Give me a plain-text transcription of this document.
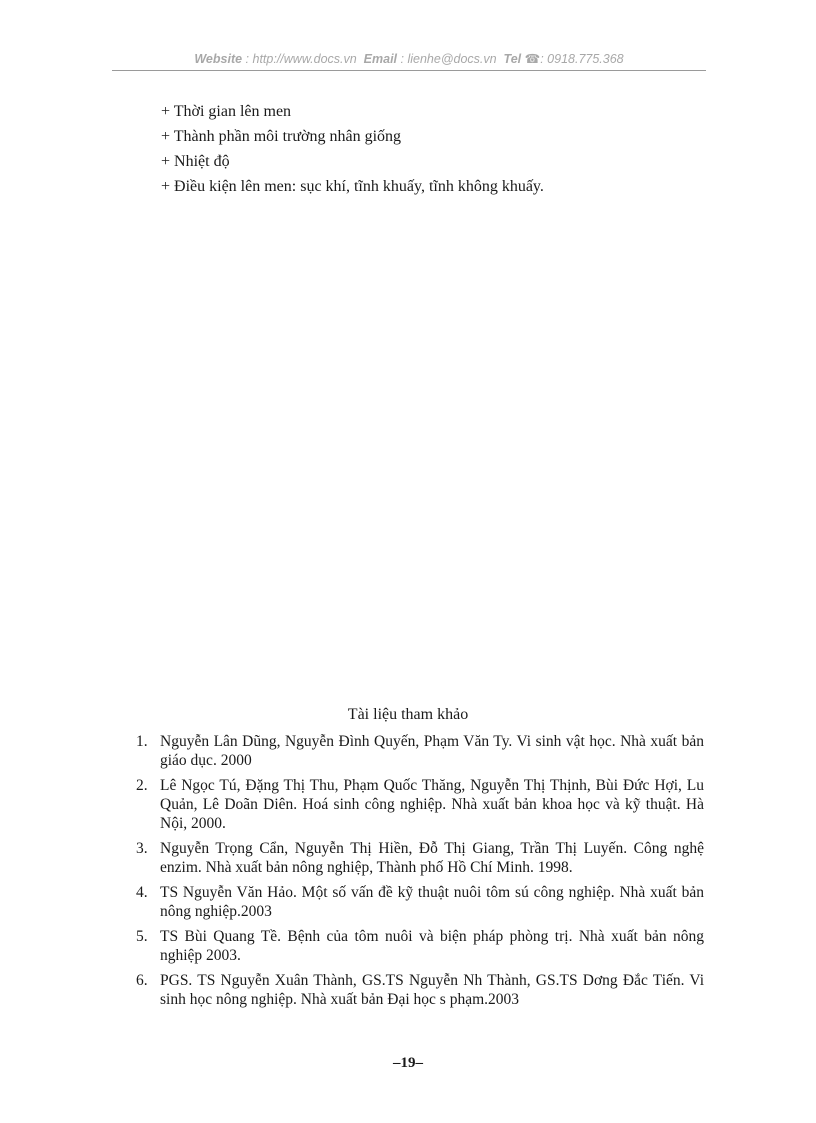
Website : http://www.docs.vn Email : lienhe@docs.vn Tel ☎: 0918.775.368
+ Thời gian lên men
+ Thành phần môi trường nhân giống
+ Nhiệt độ
+ Điều kiện lên men: sục khí, tĩnh khuấy, tĩnh không khuấy.
Tài liệu tham khảo
1. Nguyễn Lân Dũng, Nguyễn Đình Quyến, Phạm Văn Ty. Vi sinh vật học. Nhà xuất bản giáo dục. 2000
2. Lê Ngọc Tú, Đặng Thị Thu, Phạm Quốc Thăng, Nguyễn Thị Thịnh, Bùi Đức Hợi, Lu Quản, Lê Doãn Diên. Hoá sinh công nghiệp. Nhà xuất bản khoa học và kỹ thuật. Hà Nội, 2000.
3. Nguyễn Trọng Cẩn, Nguyễn Thị Hiền, Đỗ Thị Giang, Trần Thị Luyến. Công nghệ enzim. Nhà xuất bản nông nghiệp, Thành phố Hồ Chí Minh. 1998.
4. TS Nguyễn Văn Hảo. Một số vấn đề kỹ thuật nuôi tôm sú công nghiệp. Nhà xuất bản nông nghiệp.2003
5. TS Bùi Quang Tề. Bệnh của tôm nuôi và biện pháp phòng trị. Nhà xuất bản nông nghiệp 2003.
6. PGS. TS Nguyễn Xuân Thành, GS.TS Nguyễn Nh Thành, GS.TS Dơng Đắc Tiến. Vi sinh học nông nghiệp. Nhà xuất bản Đại học s phạm.2003
–19–
